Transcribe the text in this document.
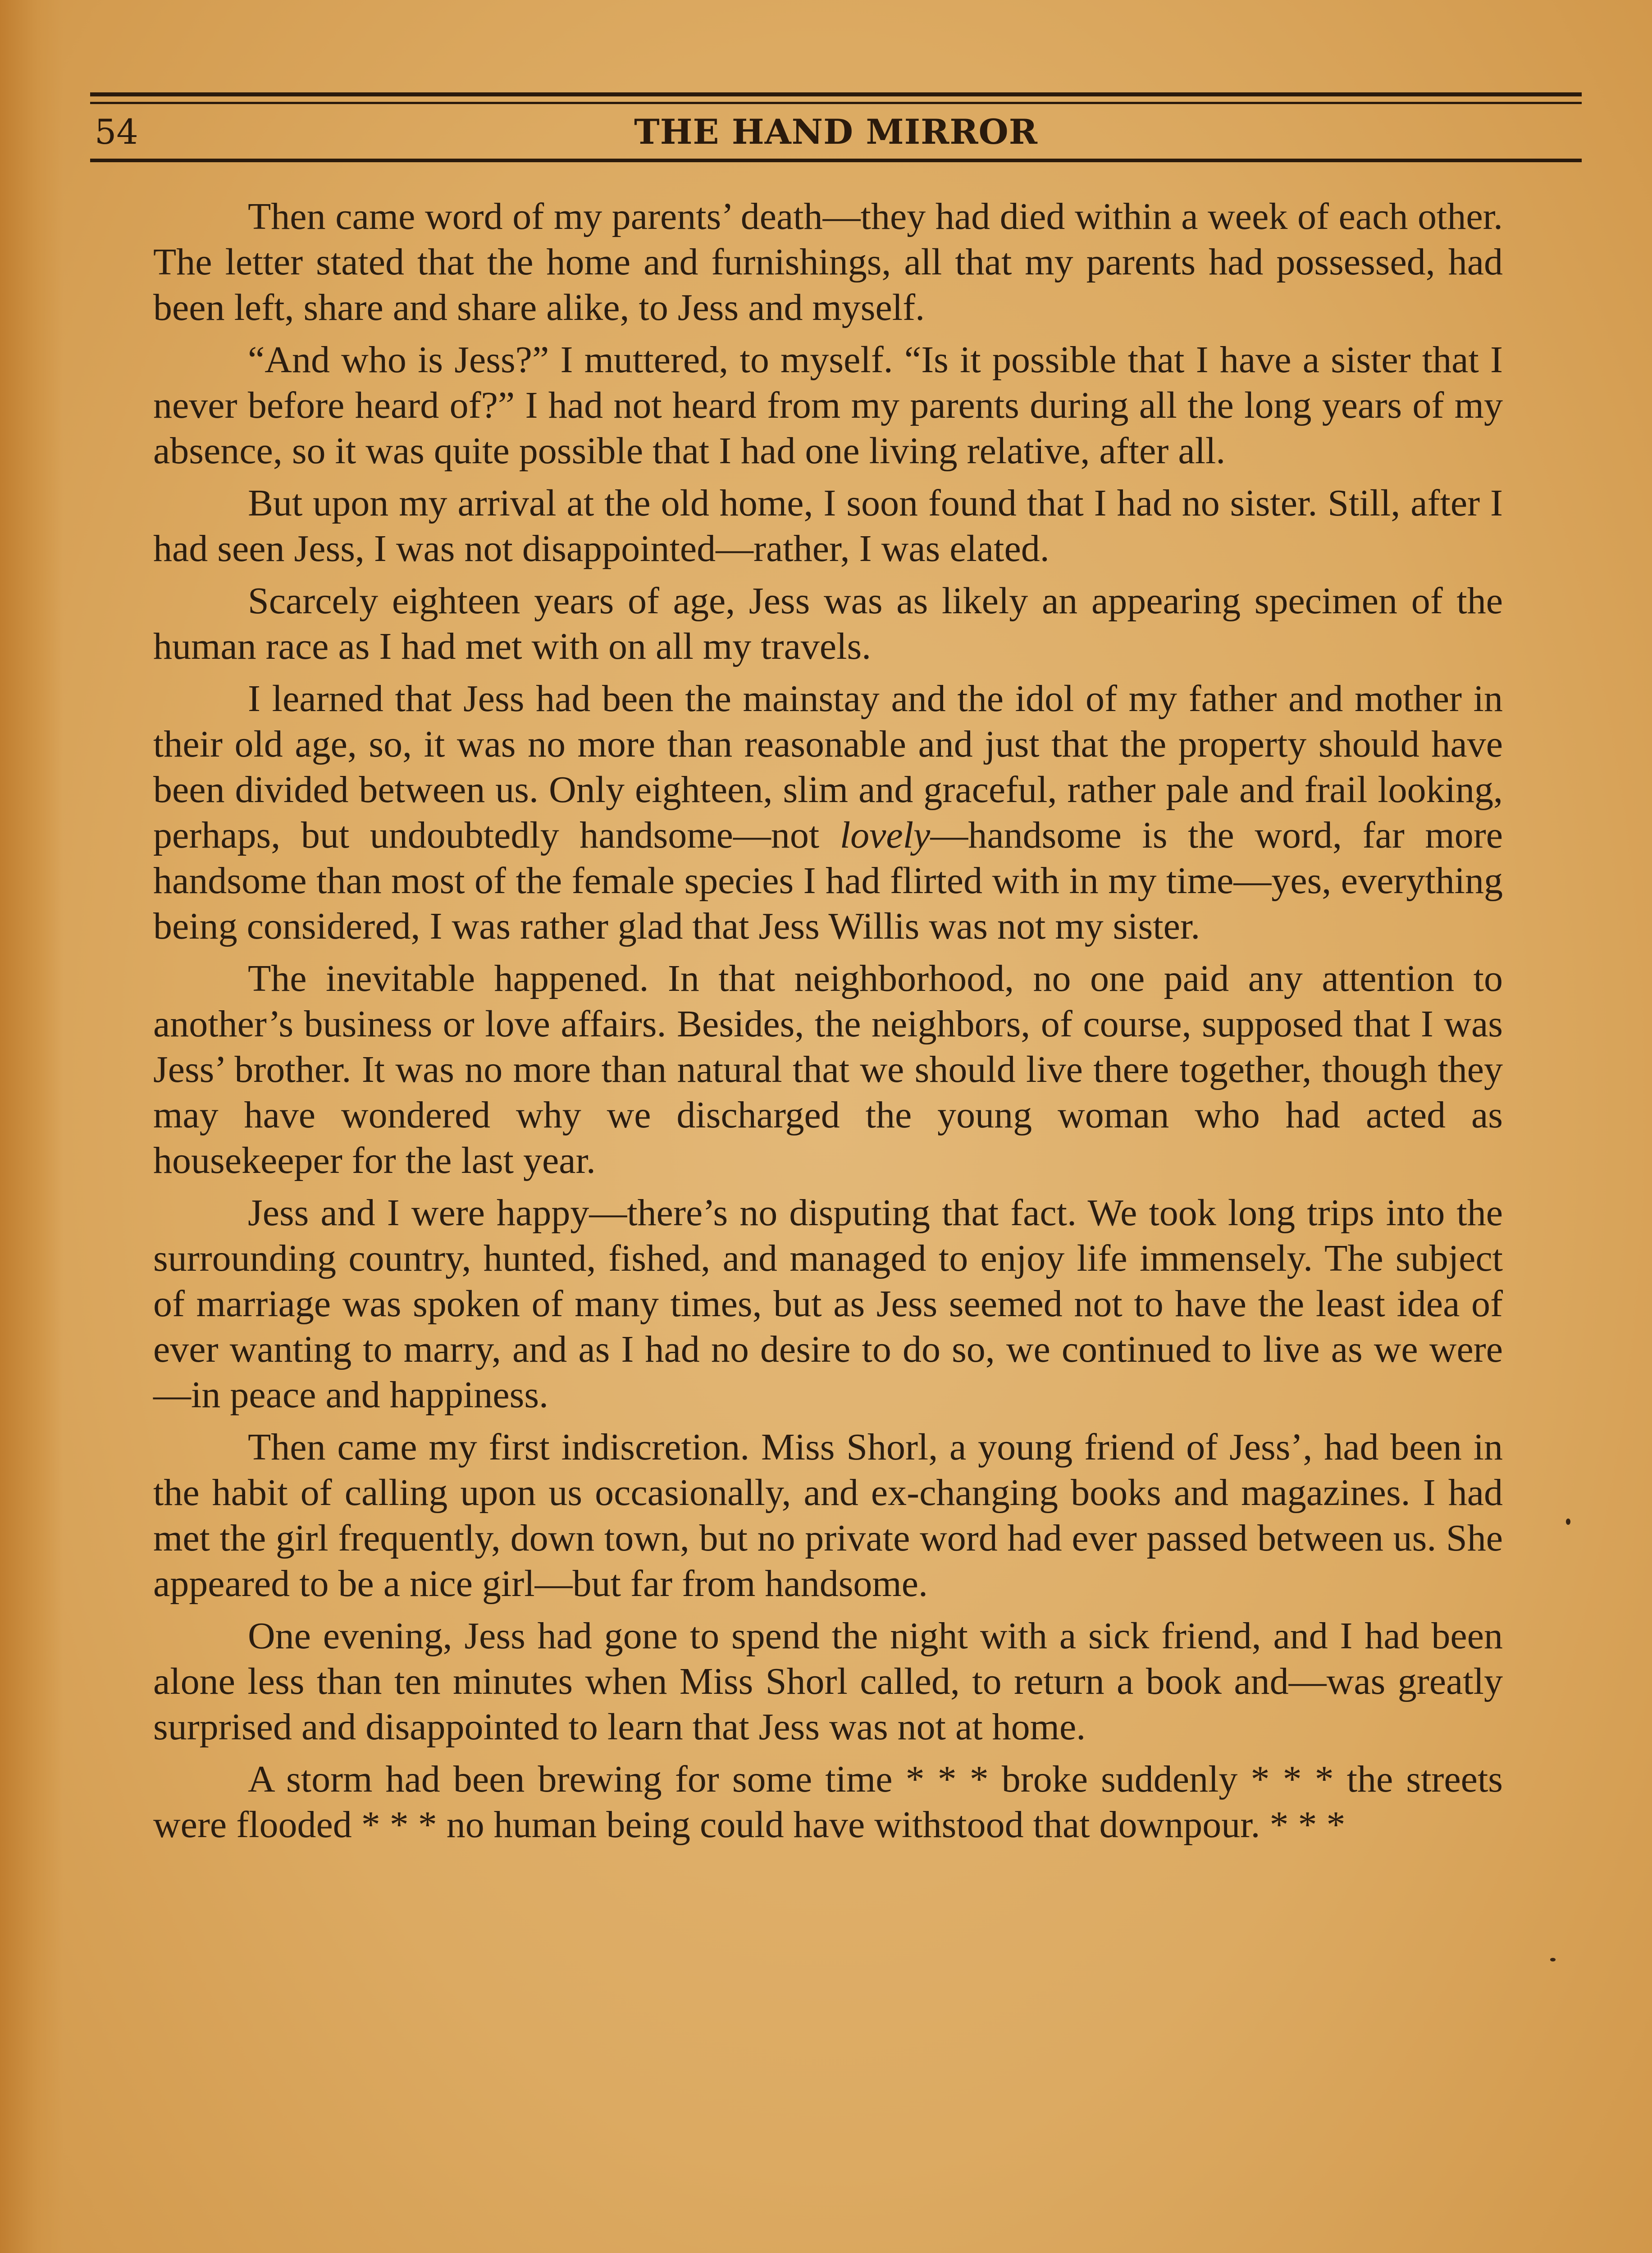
54	THE HAND MIRROR

Then came word of my parents’ death—they had died within a week of each other. The letter stated that the home and furnishings, all that my parents had possessed, had been left, share and share alike, to Jess and myself.

“And who is Jess?” I muttered, to myself. “Is it possible that I have a sister that I never before heard of?” I had not heard from my parents during all the long years of my absence, so it was quite possible that I had one living relative, after all.

But upon my arrival at the old home, I soon found that I had no sister. Still, after I had seen Jess, I was not disappointed—rather, I was elated.

Scarcely eighteen years of age, Jess was as likely an appearing specimen of the human race as I had met with on all my travels.

I learned that Jess had been the mainstay and the idol of my father and mother in their old age, so, it was no more than reasonable and just that the property should have been divided between us. Only eighteen, slim and graceful, rather pale and frail looking, perhaps, but undoubtedly handsome—not lovely—handsome is the word, far more handsome than most of the female species I had flirted with in my time—yes, everything being considered, I was rather glad that Jess Willis was not my sister.

The inevitable happened. In that neighborhood, no one paid any attention to another’s business or love affairs. Besides, the neighbors, of course, supposed that I was Jess’ brother. It was no more than natural that we should live there together, though they may have wondered why we discharged the young woman who had acted as housekeeper for the last year.

Jess and I were happy—there’s no disputing that fact. We took long trips into the surrounding country, hunted, fished, and managed to enjoy life immensely. The subject of marriage was spoken of many times, but as Jess seemed not to have the least idea of ever wanting to marry, and as I had no desire to do so, we continued to live as we were—in peace and happiness.

Then came my first indiscretion. Miss Shorl, a young friend of Jess’, had been in the habit of calling upon us occasionally, and ex-changing books and magazines. I had met the girl frequently, down town, but no private word had ever passed between us. She appeared to be a nice girl—but far from handsome.

One evening, Jess had gone to spend the night with a sick friend, and I had been alone less than ten minutes when Miss Shorl called, to return a book and—was greatly surprised and disappointed to learn that Jess was not at home.

A storm had been brewing for some time * * * broke suddenly * * * the streets were flooded * * * no human being could have withstood that downpour. * * *
